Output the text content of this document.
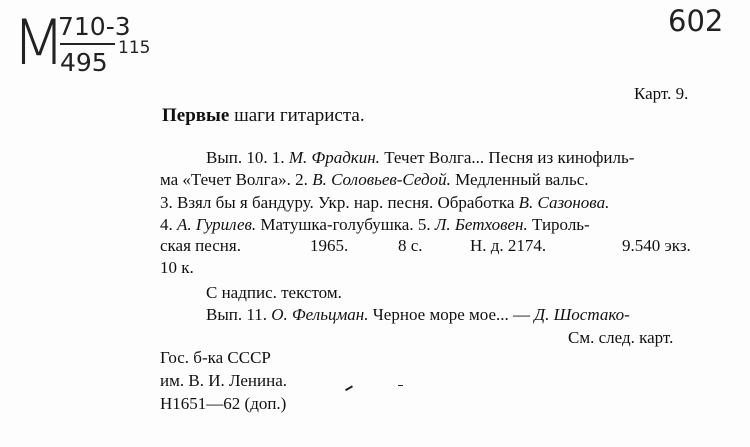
М
710-3
495 115
602
Карт. 9.
Первые шаги гитариста.
Вып. 10. 1. М. Фрадкин. Течет Волга... Песня из кинофиль-
ма «Течет Волга». 2. В. Соловьев-Седой. Медленный вальс.
3. Взял бы я бандуру. Укр. нар. песня. Обработка В. Сазонова.
4. А. Гурилев. Матушка-голубушка. 5. Л. Бетховен. Тироль-
ская песня.	1965.	8 с.	Н. д. 2174.	9.540 экз.
10 к.
С надпис. текстом.
Вып. 11. О. Фельцман. Черное море мое... — Д. Шостако-
См. след. карт.
Гос. б-ка СССР
им. В. И. Ленина.
Н1651—62 (доп.)
